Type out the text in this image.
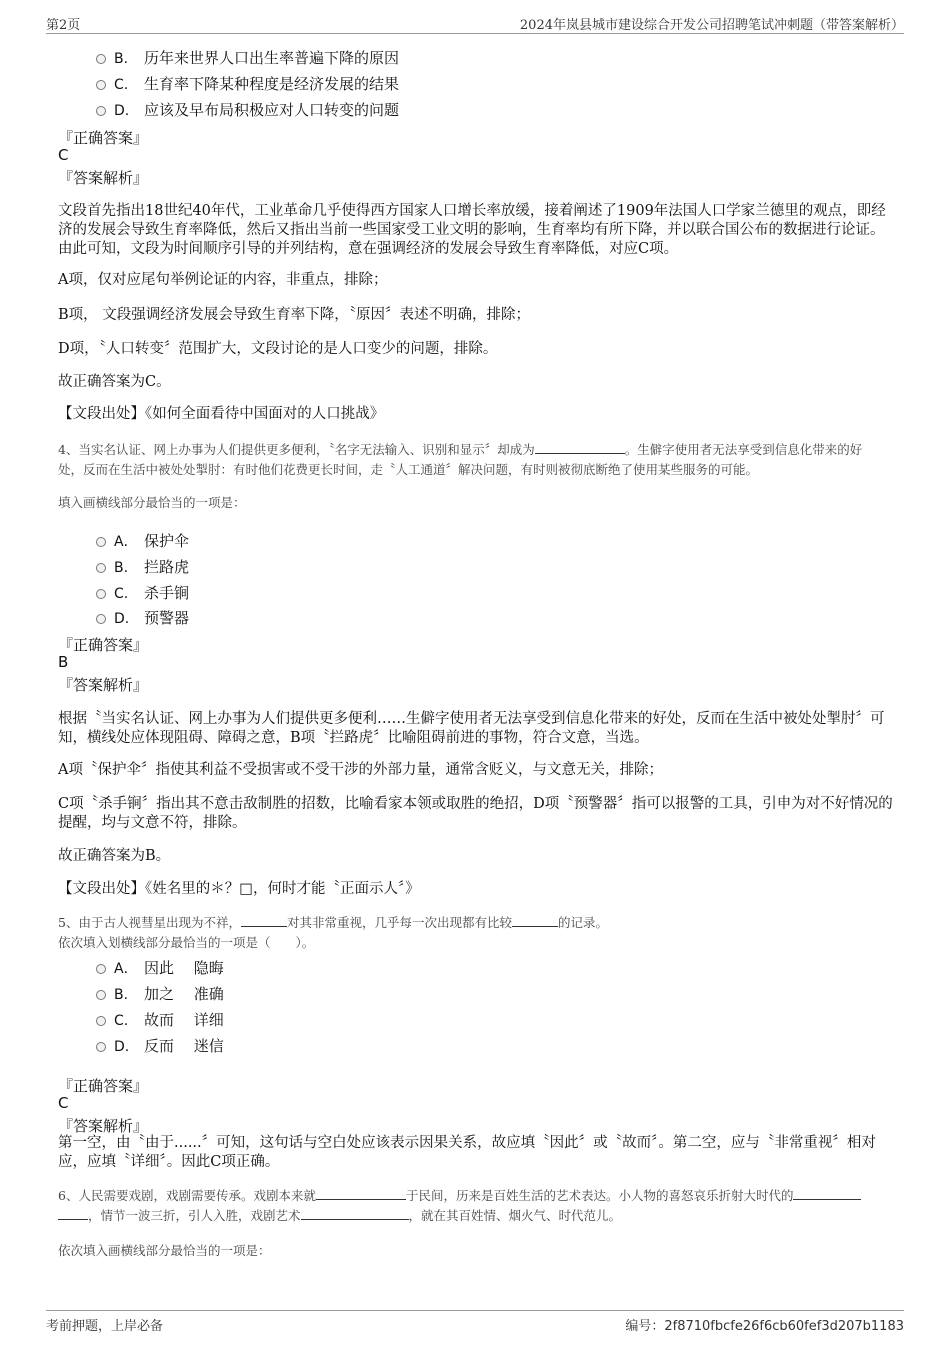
第2页	2024年岚县城市建设综合开发公司招聘笔试冲刺题（带答案解析）
B. 历年来世界人口出生率普遍下降的原因
C. 生育率下降某种程度是经济发展的结果
D. 应该及早布局积极应对人口转变的问题
『正确答案』
C
『答案解析』
文段首先指出18世纪40年代，工业革命几乎使得西方国家人口增长率放缓，接着阐述了1909年法国人口学家兰德里的观点，即经济的发展会导致生育率降低，然后又指出当前一些国家受工业文明的影响，生育率均有所下降，并以联合国公布的数据进行论证。由此可知，文段为时间顺序引导的并列结构，意在强调经济的发展会导致生育率降低，对应C项。
A项，仅对应尾句举例论证的内容，非重点，排除；
B项， 文段强调经济发展会导致生育率下降，〝原因〞表述不明确，排除；
D项，〝人口转变〞范围扩大，文段讨论的是人口变少的问题，排除。
故正确答案为C。
【文段出处】《如何全面看待中国面对的人口挑战》
4、当实名认证、网上办事为人们提供更多便利，〝名字无法输入、识别和显示〞却成为	。生僻字使用者无法享受到信息化带来的好
处，反而在生活中被处处掣肘：有时他们花费更长时间，走〝人工通道〞解决问题，有时则被彻底断绝了使用某些服务的可能。
填入画横线部分最恰当的一项是：
A． 保护伞
B. 拦路虎
C. 杀手锏
D. 预警器
『正确答案』
B
『答案解析』
根据〝当实名认证、网上办事为人们提供更多便利……生僻字使用者无法享受到信息化带来的好处，反而在生活中被处处掣肘〞可知，横线处应体现阻碍、障碍之意，B项〝拦路虎〞比喻阻碍前进的事物，符合文意，当选。
A项〝保护伞〞指使其利益不受损害或不受干涉的外部力量，通常含贬义，与文意无关，排除；
C项〝杀手锏〞指出其不意击敌制胜的招数，比喻看家本领或取胜的绝招，D项〝预警器〞指可以报警的工具，引申为对不好情况的提醒，均与文意不符，排除。
故正确答案为B。
【文段出处】《姓名里的＊？□，何时才能〝正面示人〞》
5、由于古人视彗星出现为不祥，	对其非常重视，几乎每一次出现都有比较	的记录。
依次填入划横线部分最恰当的一项是（　　）。
A． 因此　 隐晦
B. 加之　 准确
C. 故而　 详细
D. 反而　 迷信
『正确答案』
C
『答案解析』
第一空，由〝由于......〞可知，这句话与空白处应该表示因果关系，故应填〝因此〞或〝故而〞。第二空，应与〝非常重视〞相对应，应填〝详细〞。因此C项正确。
6、人民需要戏剧，戏剧需要传承。戏剧本来就	于民间，历来是百姓生活的艺术表达。小人物的喜怒哀乐折射大时代的
，情节一波三折，引人入胜，戏剧艺术	，就在其百姓情、烟火气、时代范儿。
依次填入画横线部分最恰当的一项是：
考前押题，上岸必备	编号：2f8710fbcfe26f6cb60fef3d207b1183
